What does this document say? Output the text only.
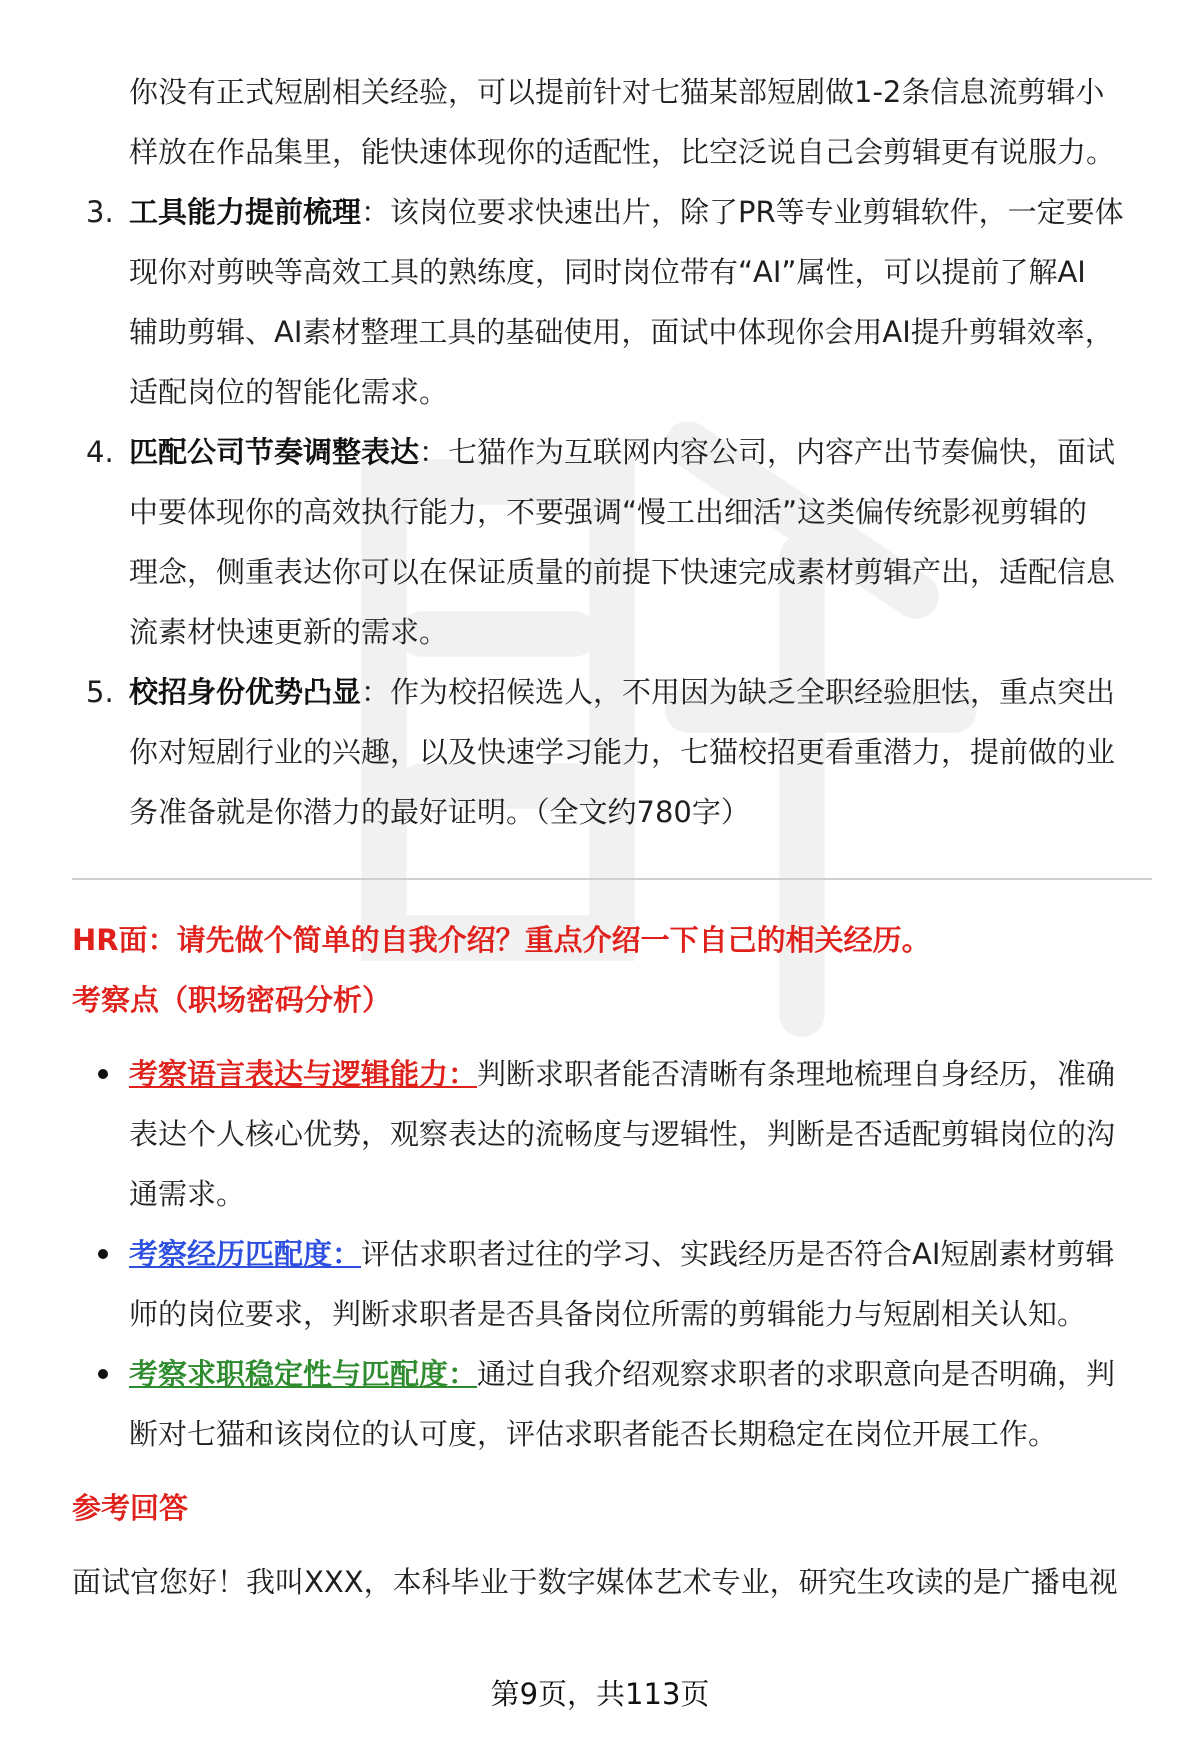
你没有正式短剧相关经验，可以提前针对七猫某部短剧做1-2条信息流剪辑小
样放在作品集里，能快速体现你的适配性，比空泛说自己会剪辑更有说服力。
3. 工具能力提前梳理：该岗位要求快速出片，除了PR等专业剪辑软件，一定要体
现你对剪映等高效工具的熟练度，同时岗位带有“AI”属性，可以提前了解AI
辅助剪辑、AI素材整理工具的基础使用，面试中体现你会用AI提升剪辑效率，
适配岗位的智能化需求。
4. 匹配公司节奏调整表达：七猫作为互联网内容公司，内容产出节奏偏快，面试
中要体现你的高效执行能力，不要强调“慢工出细活”这类偏传统影视剪辑的
理念，侧重表达你可以在保证质量的前提下快速完成素材剪辑产出，适配信息
流素材快速更新的需求。
5. 校招身份优势凸显：作为校招候选人，不用因为缺乏全职经验胆怯，重点突出
你对短剧行业的兴趣，以及快速学习能力，七猫校招更看重潜力，提前做的业
务准备就是你潜力的最好证明。（全文约780字）
HR面：请先做个简单的自我介绍？重点介绍一下自己的相关经历。
考察点（职场密码分析）
考察语言表达与逻辑能力：判断求职者能否清晰有条理地梳理自身经历，准确
表达个人核心优势，观察表达的流畅度与逻辑性，判断是否适配剪辑岗位的沟
通需求。
考察经历匹配度：评估求职者过往的学习、实践经历是否符合AI短剧素材剪辑
师的岗位要求，判断求职者是否具备岗位所需的剪辑能力与短剧相关认知。
考察求职稳定性与匹配度：通过自我介绍观察求职者的求职意向是否明确，判
断对七猫和该岗位的认可度，评估求职者能否长期稳定在岗位开展工作。
参考回答
面试官您好！我叫XXX，本科毕业于数字媒体艺术专业，研究生攻读的是广播电视
第9页，共113页
